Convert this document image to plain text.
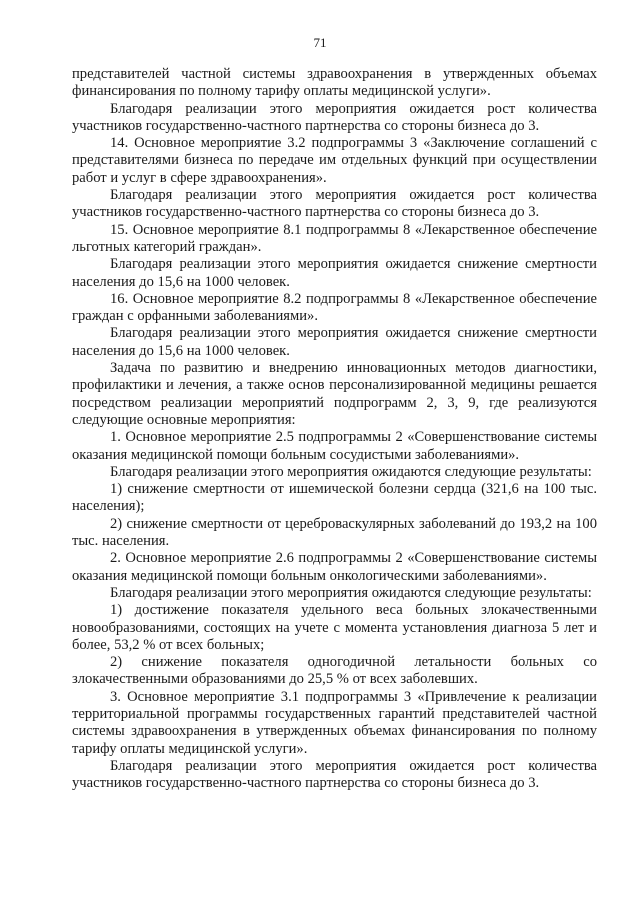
71

представителей частной системы здравоохранения в утвержденных объемах финансирования по полному тарифу оплаты медицинской услуги».

Благодаря реализации этого мероприятия ожидается рост количества участников государственно-частного партнерства со стороны бизнеса до 3.

14. Основное мероприятие 3.2 подпрограммы 3 «Заключение соглашений с представителями бизнеса по передаче им отдельных функций при осуществлении работ и услуг в сфере здравоохранения».

Благодаря реализации этого мероприятия ожидается рост количества участников государственно-частного партнерства со стороны бизнеса до 3.

15. Основное мероприятие 8.1 подпрограммы 8 «Лекарственное обеспечение льготных категорий граждан».

Благодаря реализации этого мероприятия ожидается снижение смертности населения до 15,6 на 1000 человек.

16. Основное мероприятие 8.2 подпрограммы 8 «Лекарственное обеспечение граждан с орфанными заболеваниями».

Благодаря реализации этого мероприятия ожидается снижение смертности населения до 15,6 на 1000 человек.

Задача по развитию и внедрению инновационных методов диагностики, профилактики и лечения, а также основ персонализированной медицины решается посредством реализации мероприятий подпрограмм 2, 3, 9, где реализуются следующие основные мероприятия:

1. Основное мероприятие 2.5 подпрограммы 2 «Совершенствование системы оказания медицинской помощи больным сосудистыми заболеваниями».

Благодаря реализации этого мероприятия ожидаются следующие результаты:

1) снижение смертности от ишемической болезни сердца (321,6 на 100 тыс. населения);

2) снижение смертности от цереброваскулярных заболеваний до 193,2 на 100 тыс. населения.

2. Основное мероприятие 2.6 подпрограммы 2 «Совершенствование системы оказания медицинской помощи больным онкологическими заболеваниями».

Благодаря реализации этого мероприятия ожидаются следующие результаты:

1) достижение показателя удельного веса больных злокачественными новообразованиями, состоящих на учете с момента установления диагноза 5 лет и более, 53,2 % от всех больных;

2) снижение показателя одногодичной летальности больных со злокачественными образованиями до 25,5 % от всех заболевших.

3. Основное мероприятие 3.1 подпрограммы 3 «Привлечение к реализации территориальной программы государственных гарантий представителей частной системы здравоохранения в утвержденных объемах финансирования по полному тарифу оплаты медицинской услуги».

Благодаря реализации этого мероприятия ожидается рост количества участников государственно-частного партнерства со стороны бизнеса до 3.
